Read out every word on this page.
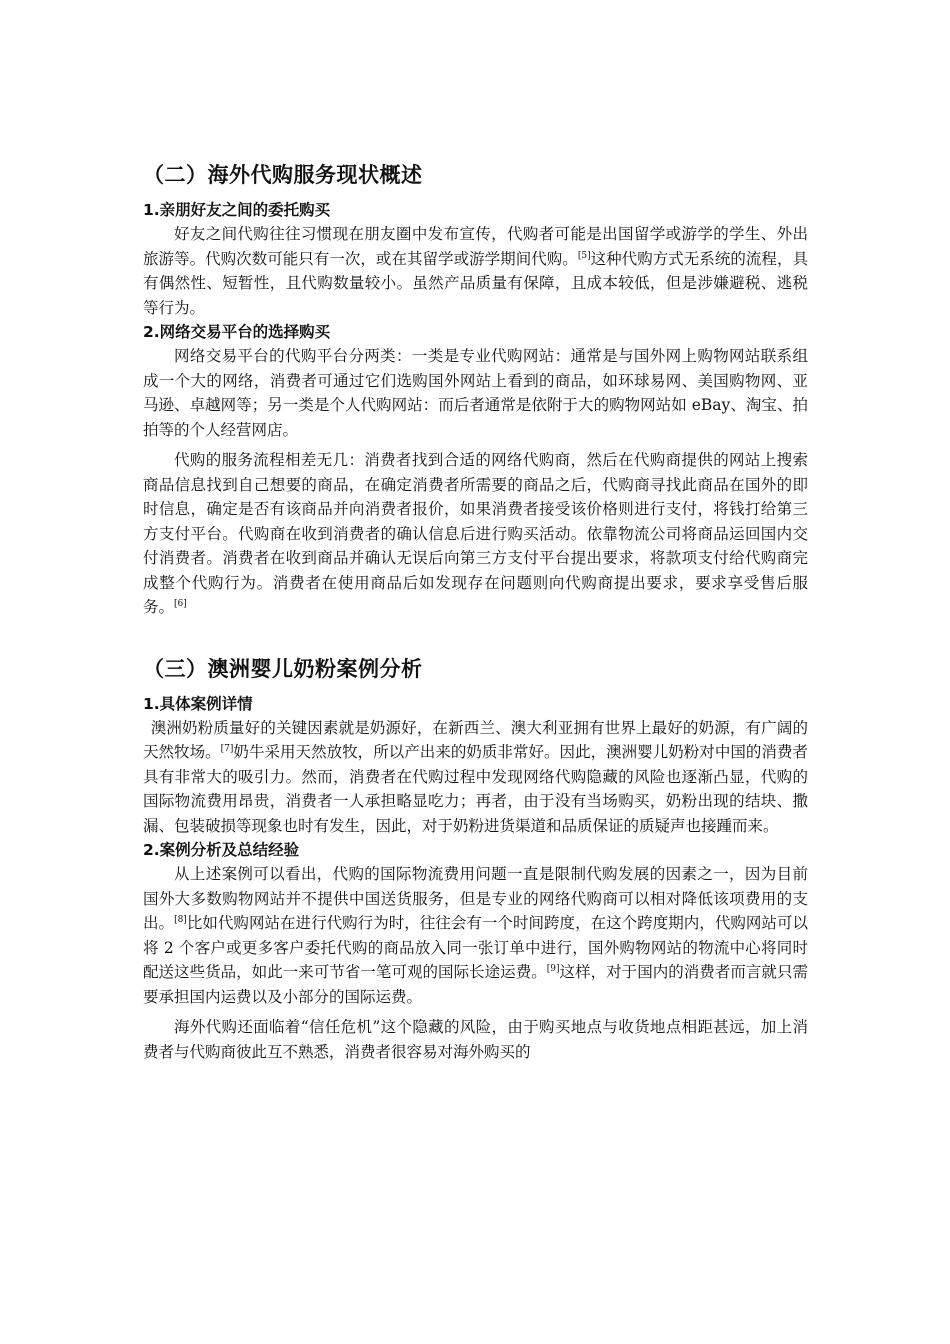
（二）海外代购服务现状概述
1.亲朋好友之间的委托购买

好友之间代购往往习惯现在朋友圈中发布宣传，代购者可能是出国留学或游学的学生、外出旅游等。代购次数可能只有一次，或在其留学或游学期间代购。[5]这种代购方式无系统的流程，具有偶然性、短暂性，且代购数量较小。虽然产品质量有保障，且成本较低，但是涉嫌避税、逃税等行为。

2.网络交易平台的选择购买

网络交易平台的代购平台分两类：一类是专业代购网站：通常是与国外网上购物网站联系组成一个大的网络，消费者可通过它们选购国外网站上看到的商品，如环球易网、美国购物网、亚马逊、卓越网等；另一类是个人代购网站：而后者通常是依附于大的购物网站如 eBay、淘宝、拍拍等的个人经营网店。

代购的服务流程相差无几：消费者找到合适的网络代购商，然后在代购商提供的网站上搜索商品信息找到自己想要的商品，在确定消费者所需要的商品之后，代购商寻找此商品在国外的即时信息，确定是否有该商品并向消费者报价，如果消费者接受该价格则进行支付，将钱打给第三方支付平台。代购商在收到消费者的确认信息后进行购买活动。依靠物流公司将商品运回国内交付消费者。消费者在收到商品并确认无误后向第三方支付平台提出要求，将款项支付给代购商完成整个代购行为。消费者在使用商品后如发现存在问题则向代购商提出要求，要求享受售后服务。[6]

（三）澳洲婴儿奶粉案例分析
1.具体案例详情

澳洲奶粉质量好的关键因素就是奶源好，在新西兰、澳大利亚拥有世界上最好的奶源，有广阔的天然牧场。[7]奶牛采用天然放牧，所以产出来的奶质非常好。因此，澳洲婴儿奶粉对中国的消费者具有非常大的吸引力。然而，消费者在代购过程中发现网络代购隐藏的风险也逐渐凸显，代购的国际物流费用昂贵，消费者一人承担略显吃力；再者，由于没有当场购买，奶粉出现的结块、撒漏、包装破损等现象也时有发生，因此，对于奶粉进货渠道和品质保证的质疑声也接踵而来。

2.案例分析及总结经验

从上述案例可以看出，代购的国际物流费用问题一直是限制代购发展的因素之一，因为目前国外大多数购物网站并不提供中国送货服务，但是专业的网络代购商可以相对降低该项费用的支出。[8]比如代购网站在进行代购行为时，往往会有一个时间跨度，在这个跨度期内，代购网站可以将 2 个客户或更多客户委托代购的商品放入同一张订单中进行，国外购物网站的物流中心将同时配送这些货品，如此一来可节省一笔可观的国际长途运费。[9]这样，对于国内的消费者而言就只需要承担国内运费以及小部分的国际运费。

海外代购还面临着“信任危机”这个隐藏的风险，由于购买地点与收货地点相距甚远，加上消费者与代购商彼此互不熟悉，消费者很容易对海外购买的
